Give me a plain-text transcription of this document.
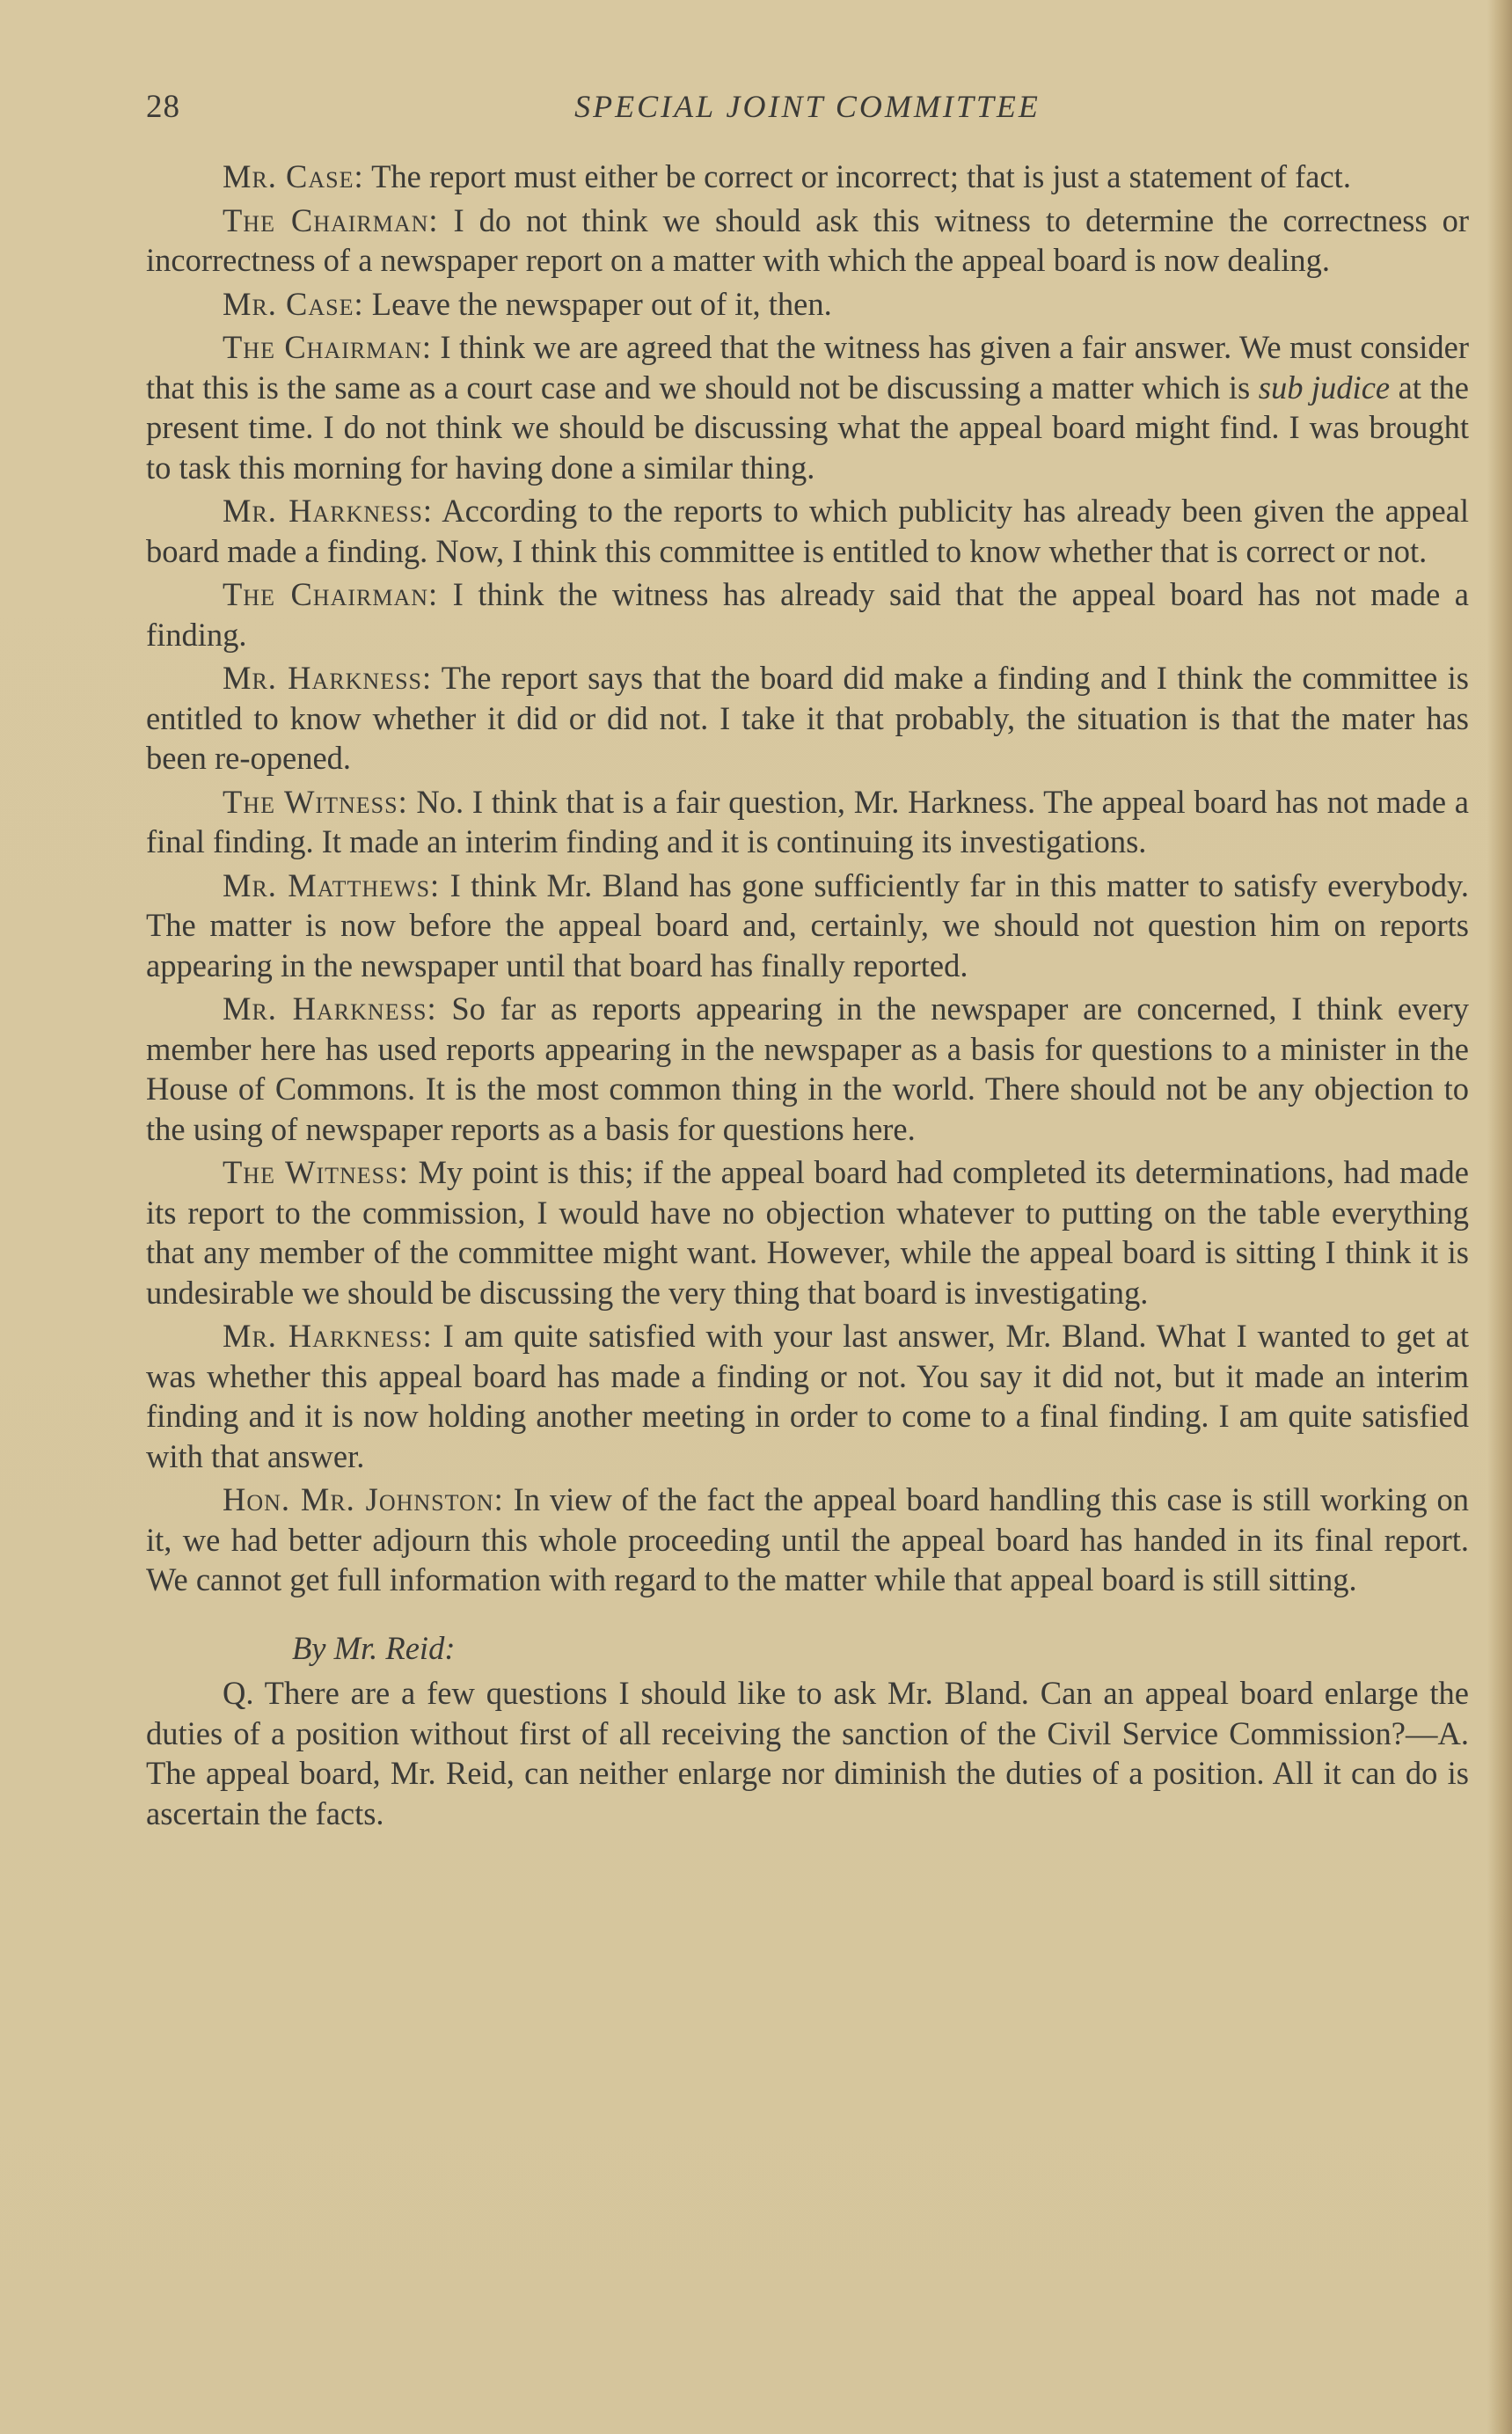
28	SPECIAL JOINT COMMITTEE

Mr. Case: The report must either be correct or incorrect; that is just a statement of fact.

The Chairman: I do not think we should ask this witness to determine the correctness or incorrectness of a newspaper report on a matter with which the appeal board is now dealing.

Mr. Case: Leave the newspaper out of it, then.

The Chairman: I think we are agreed that the witness has given a fair answer. We must consider that this is the same as a court case and we should not be discussing a matter which is sub judice at the present time. I do not think we should be discussing what the appeal board might find. I was brought to task this morning for having done a similar thing.

Mr. Harkness: According to the reports to which publicity has already been given the appeal board made a finding. Now, I think this committee is entitled to know whether that is correct or not.

The Chairman: I think the witness has already said that the appeal board has not made a finding.

Mr. Harkness: The report says that the board did make a finding and I think the committee is entitled to know whether it did or did not. I take it that probably, the situation is that the mater has been re-opened.

The Witness: No. I think that is a fair question, Mr. Harkness. The appeal board has not made a final finding. It made an interim finding and it is continuing its investigations.

Mr. Matthews: I think Mr. Bland has gone sufficiently far in this matter to satisfy everybody. The matter is now before the appeal board and, certainly, we should not question him on reports appearing in the newspaper until that board has finally reported.

Mr. Harkness: So far as reports appearing in the newspaper are concerned, I think every member here has used reports appearing in the newspaper as a basis for questions to a minister in the House of Commons. It is the most common thing in the world. There should not be any objection to the using of newspaper reports as a basis for questions here.

The Witness: My point is this; if the appeal board had completed its determinations, had made its report to the commission, I would have no objection whatever to putting on the table everything that any member of the committee might want. However, while the appeal board is sitting I think it is undesirable we should be discussing the very thing that board is investigating.

Mr. Harkness: I am quite satisfied with your last answer, Mr. Bland. What I wanted to get at was whether this appeal board has made a finding or not. You say it did not, but it made an interim finding and it is now holding another meeting in order to come to a final finding. I am quite satisfied with that answer.

Hon. Mr. Johnston: In view of the fact the appeal board handling this case is still working on it, we had better adjourn this whole proceeding until the appeal board has handed in its final report. We cannot get full information with regard to the matter while that appeal board is still sitting.

By Mr. Reid:

Q. There are a few questions I should like to ask Mr. Bland. Can an appeal board enlarge the duties of a position without first of all receiving the sanction of the Civil Service Commission?—A. The appeal board, Mr. Reid, can neither enlarge nor diminish the duties of a position. All it can do is ascertain the facts.
